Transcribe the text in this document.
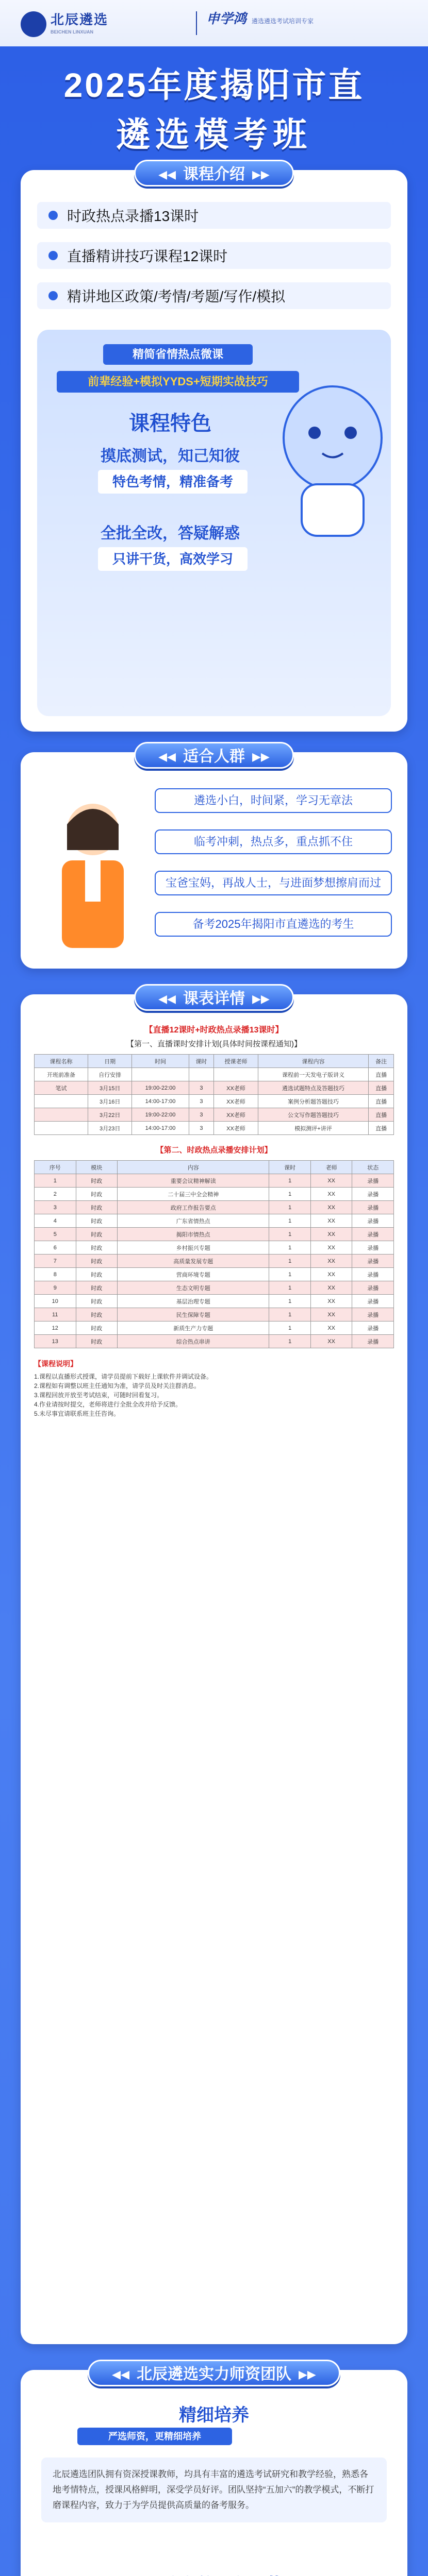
北辰遴选
BEICHEN LINXUAN
申学鸿 遴选遴选考试培训专家
2025年度揭阳市直
遴选模考班
◀◀ 课程介绍 ▶▶
时政热点录播13课时
直播精讲技巧课程12课时
精讲地区政策/考情/考题/写作/模拟
精简省情热点微课
前辈经验+模拟YYDS+短期实战技巧
课程特色
摸底测试，知己知彼
特色考情，精准备考
全批全改，答疑解惑
只讲干货，高效学习
◀◀ 适合人群 ▶▶
遴选小白，时间紧，学习无章法
临考冲刺，热点多，重点抓不住
宝爸宝妈，再战人士，与进面梦想擦肩而过
备考2025年揭阳市直遴选的考生
【直播12课时+时政热点录播13课时】
【第一、直播课时安排计划(具体时间按课程通知)】
课程名称	日期	时间	课时	授课老师	课程内容	备注
开班前准备	自行安排				课程前一天发电子版讲义	直播
笔试	3月15日	19:00-22:00	3	XX老师	遴选试题特点及答题技巧	直播
	3月16日	14:00-17:00	3	XX老师	案例分析题答题技巧	直播
	3月22日	19:00-22:00	3	XX老师	公文写作题答题技巧	直播
	3月23日	14:00-17:00	3	XX老师	模拟测评+讲评	直播
【第二、时政热点录播安排计划】
序号	模块	内容	课时	老师	状态
1	时政	重要会议精神解读	1	XX	录播
2	时政	二十届三中全会精神	1	XX	录播
3	时政	政府工作报告要点	1	XX	录播
4	时政	广东省情热点	1	XX	录播
5	时政	揭阳市情热点	1	XX	录播
6	时政	乡村振兴专题	1	XX	录播
7	时政	高质量发展专题	1	XX	录播
8	时政	营商环境专题	1	XX	录播
9	时政	生态文明专题	1	XX	录播
10	时政	基层治理专题	1	XX	录播
11	时政	民生保障专题	1	XX	录播
12	时政	新质生产力专题	1	XX	录播
13	时政	综合热点串讲	1	XX	录播
【课程说明】
1.课程以直播形式授课，请学员提前下载好上课软件并调试设备。
2.课程如有调整以班主任通知为准，请学员及时关注群消息。
3.课程回放开放至考试结束，可随时回看复习。
4.作业请按时提交，老师将进行全批全改并给予反馈。
5.未尽事宜请联系班主任咨询。
◀◀ 课表详情 ▶▶
◀◀ 北辰遴选实力师资团队 ▶▶
精细培养
严选师资，更精细培养
北辰遴选团队拥有资深授课教师，均具有丰富的遴选考试研究和教学经验，熟悉各地考情特点，授课风格鲜明，深受学员好评。团队坚持“五加六”的教学模式，不断打磨课程内容，致力于为学员提供高质量的备考服务。
